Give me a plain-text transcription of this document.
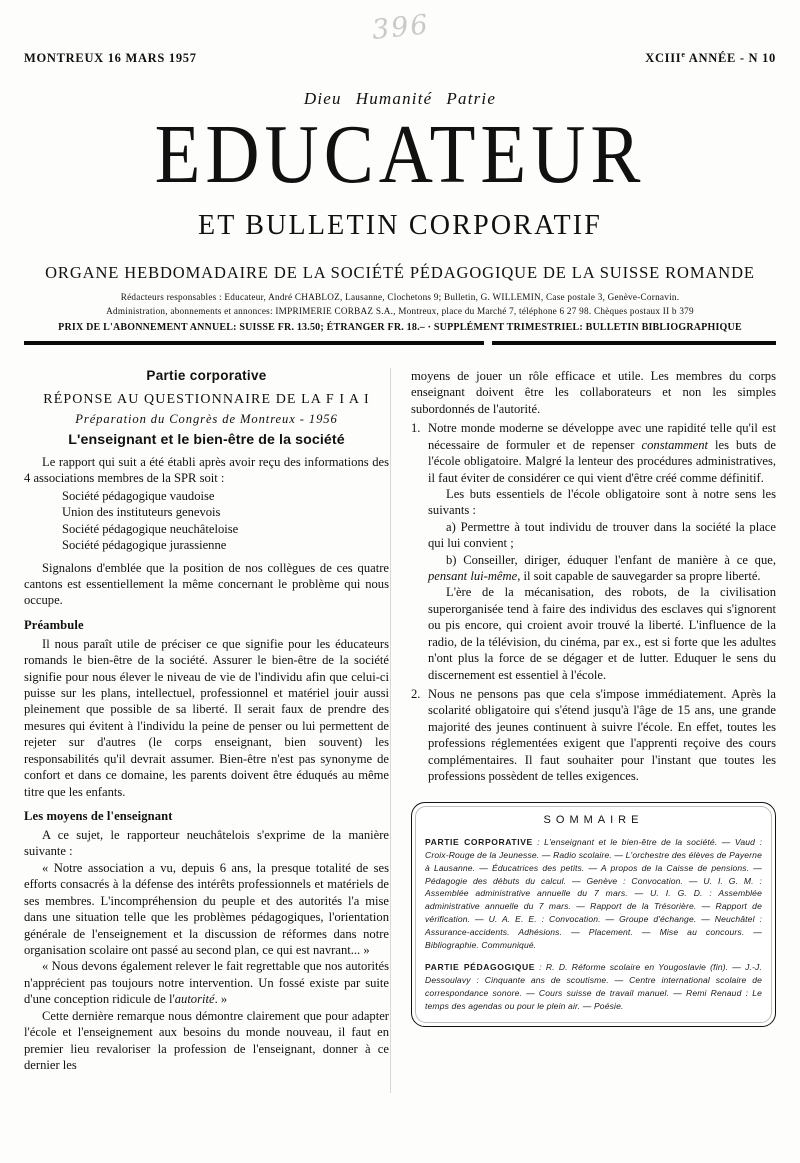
396
MONTREUX 16 MARS 1957	XCIIIe ANNÉE - N 10
Dieu Humanité Patrie
EDUCATEUR
ET BULLETIN CORPORATIF
ORGANE HEBDOMADAIRE DE LA SOCIÉTÉ PÉDAGOGIQUE DE LA SUISSE ROMANDE
Rédacteurs responsables : Educateur, André CHABLOZ, Lausanne, Clochetons 9; Bulletin, G. WILLEMIN, Case postale 3, Genève-Cornavin.
Administration, abonnements et annonces: IMPRIMERIE CORBAZ S.A., Montreux, place du Marché 7, téléphone 6 27 98. Chèques postaux II b 379
PRIX DE L'ABONNEMENT ANNUEL: SUISSE FR. 13.50; ÉTRANGER FR. 18.– · SUPPLÉMENT TRIMESTRIEL: BULLETIN BIBLIOGRAPHIQUE
Partie corporative
RÉPONSE AU QUESTIONNAIRE DE LA F I A I
Préparation du Congrès de Montreux - 1956
L'enseignant et le bien-être de la société

Le rapport qui suit a été établi après avoir reçu des informations des 4 associations membres de la SPR soit :

Société pédagogique vaudoise
Union des instituteurs genevois
Société pédagogique neuchâteloise
Société pédagogique jurassienne

Signalons d'emblée que la position de nos collègues de ces quatre cantons est essentiellement la même concernant le problème qui nous occupe.

Préambule

Il nous paraît utile de préciser ce que signifie pour les éducateurs romands le bien-être de la société. Assurer le bien-être de la société signifie pour nous élever le niveau de vie de l'individu afin que celui-ci puisse sur les plans, intellectuel, professionnel et matériel jouir aussi pleinement que possible de sa liberté. Il serait faux de prendre des mesures qui évitent à l'individu la peine de penser ou lui permettent de rejeter sur d'autres (le corps enseignant, bien souvent) les responsabilités qu'il devrait assumer. Bien-être n'est pas synonyme de confort et dans ce domaine, les parents doivent être éduqués au même titre que les enfants.

Les moyens de l'enseignant

A ce sujet, le rapporteur neuchâtelois s'exprime de la manière suivante :

« Notre association a vu, depuis 6 ans, la presque totalité de ses efforts consacrés à la défense des intérêts professionnels et matériels de ses membres. L'incompréhension du peuple et des autorités l'a mise dans une situation telle que les problèmes pédagogiques, l'orientation générale de l'enseignement et la discussion de réformes dans notre organisation scolaire ont passé au second plan, ce qui est navrant... »

« Nous devons également relever le fait regrettable que nos autorités n'apprécient pas toujours notre intervention. Un fossé existe par suite d'une conception ridicule de l'autorité. »

Cette dernière remarque nous démontre clairement que pour adapter l'école et l'enseignement aux besoins du monde nouveau, il faut en premier lieu revaloriser la profession de l'enseignant, donner à ce dernier les

moyens de jouer un rôle efficace et utile. Les membres du corps enseignant doivent être les collaborateurs et non les simples subordonnés de l'autorité.

1. Notre monde moderne se développe avec une rapidité telle qu'il est nécessaire de formuler et de repenser constamment les buts de l'école obligatoire. Malgré la lenteur des procédures administratives, il faut éviter de considérer ce qui vient d'être créé comme définitif.

Les buts essentiels de l'école obligatoire sont à notre sens les suivants :

a) Permettre à tout individu de trouver dans la société la place qui lui convient ;

b) Conseiller, diriger, éduquer l'enfant de manière à ce que, pensant lui-même, il soit capable de sauvegarder sa propre liberté.

L'ère de la mécanisation, des robots, de la civilisation superorganisée tend à faire des individus des esclaves qui s'ignorent ou pis encore, qui croient avoir trouvé la liberté. L'influence de la radio, de la télévision, du cinéma, par ex., est si forte que les adultes n'ont plus la force de se dégager et de lutter. Eduquer le sens du discernement est essentiel à l'école.

2. Nous ne pensons pas que cela s'impose immédiatement. Après la scolarité obligatoire qui s'étend jusqu'à l'âge de 15 ans, une grande majorité des jeunes continuent à suivre l'école. En effet, toutes les professions réglementées exigent que l'apprenti reçoive des cours complémentaires. Il faut souhaiter pour l'instant que toutes les professions possèdent de telles exigences.

SOMMAIRE
PARTIE CORPORATIVE : L'enseignant et le bien-être de la société. — Vaud : Croix-Rouge de la Jeunesse. — Radio scolaire. — L'orchestre des élèves de Payerne à Lausanne. — Éducatrices des petits. — A propos de la Caisse de pensions. — Pédagogie des débuts du calcul. — Genève : Convocation. — U. I. G. M. : Assemblée administrative annuelle du 7 mars. — U. I. G. D. : Assemblée administrative annuelle du 7 mars. — Rapport de la Trésorière. — Rapport de vérification. — U. A. E. E. : Convocation. — Groupe d'échange. — Neuchâtel : Assurance-accidents. Adhésions. — Placement. — Mise au concours. — Bibliographie. Communiqué.
PARTIE PÉDAGOGIQUE : R. D. Réforme scolaire en Yougoslavie (fin). — J.-J. Dessoulavy : Cinquante ans de scoutisme. — Centre international scolaire de correspondance sonore. — Cours suisse de travail manuel. — Remi Renaud : Le temps des agendas ou pour le plein air. — Poésie.
